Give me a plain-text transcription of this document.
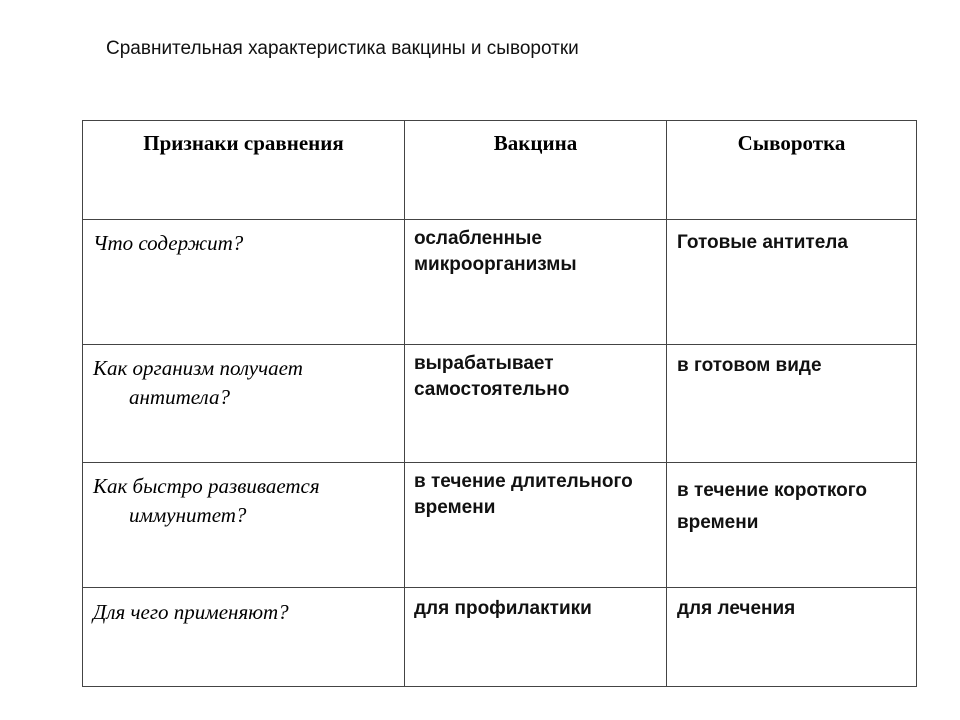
Сравнительная характеристика вакцины и сыворотки
Признаки сравнения	Вакцина	Сыворотка

Что содержит?	ослабленные микроорганизмы	Готовые антитела

Как организм получает антитела?	вырабатывает самостоятельно	в готовом виде

Как быстро развивается иммунитет?	в течение длительного времени	в течение короткого времени

Для чего применяют?	для профилактики	для лечения
